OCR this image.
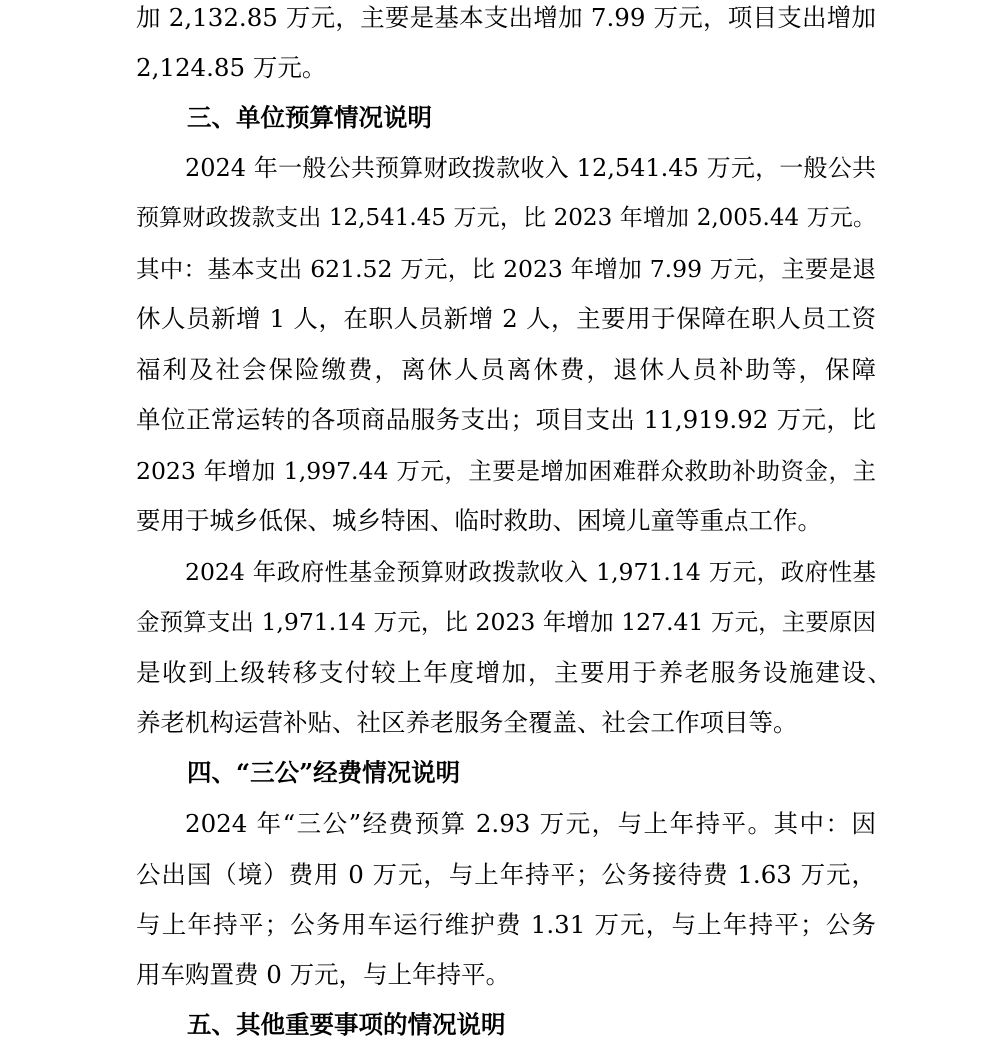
加 2,132.85 万元，主要是基本支出增加 7.99 万元，项目支出增加
2,124.85 万元。
三、单位预算情况说明
2024 年一般公共预算财政拨款收入 12,541.45 万元，一般公共
预算财政拨款支出 12,541.45 万元，比 2023 年增加 2,005.44 万元。
其中：基本支出 621.52 万元，比 2023 年增加 7.99 万元，主要是退
休人员新增 1 人，在职人员新增 2 人，主要用于保障在职人员工资
福利及社会保险缴费，离休人员离休费，退休人员补助等，保障
单位正常运转的各项商品服务支出；项目支出 11,919.92 万元，比
2023 年增加 1,997.44 万元，主要是增加困难群众救助补助资金，主
要用于城乡低保、城乡特困、临时救助、困境儿童等重点工作。
2024 年政府性基金预算财政拨款收入 1,971.14 万元，政府性基
金预算支出 1,971.14 万元，比 2023 年增加 127.41 万元，主要原因
是收到上级转移支付较上年度增加，主要用于养老服务设施建设、
养老机构运营补贴、社区养老服务全覆盖、社会工作项目等。
四、“三公”经费情况说明
2024 年“三公”经费预算 2.93 万元，与上年持平。其中：因
公出国（境）费用 0 万元，与上年持平；公务接待费 1.63 万元，
与上年持平；公务用车运行维护费 1.31 万元，与上年持平；公务
用车购置费 0 万元，与上年持平。
五、其他重要事项的情况说明
